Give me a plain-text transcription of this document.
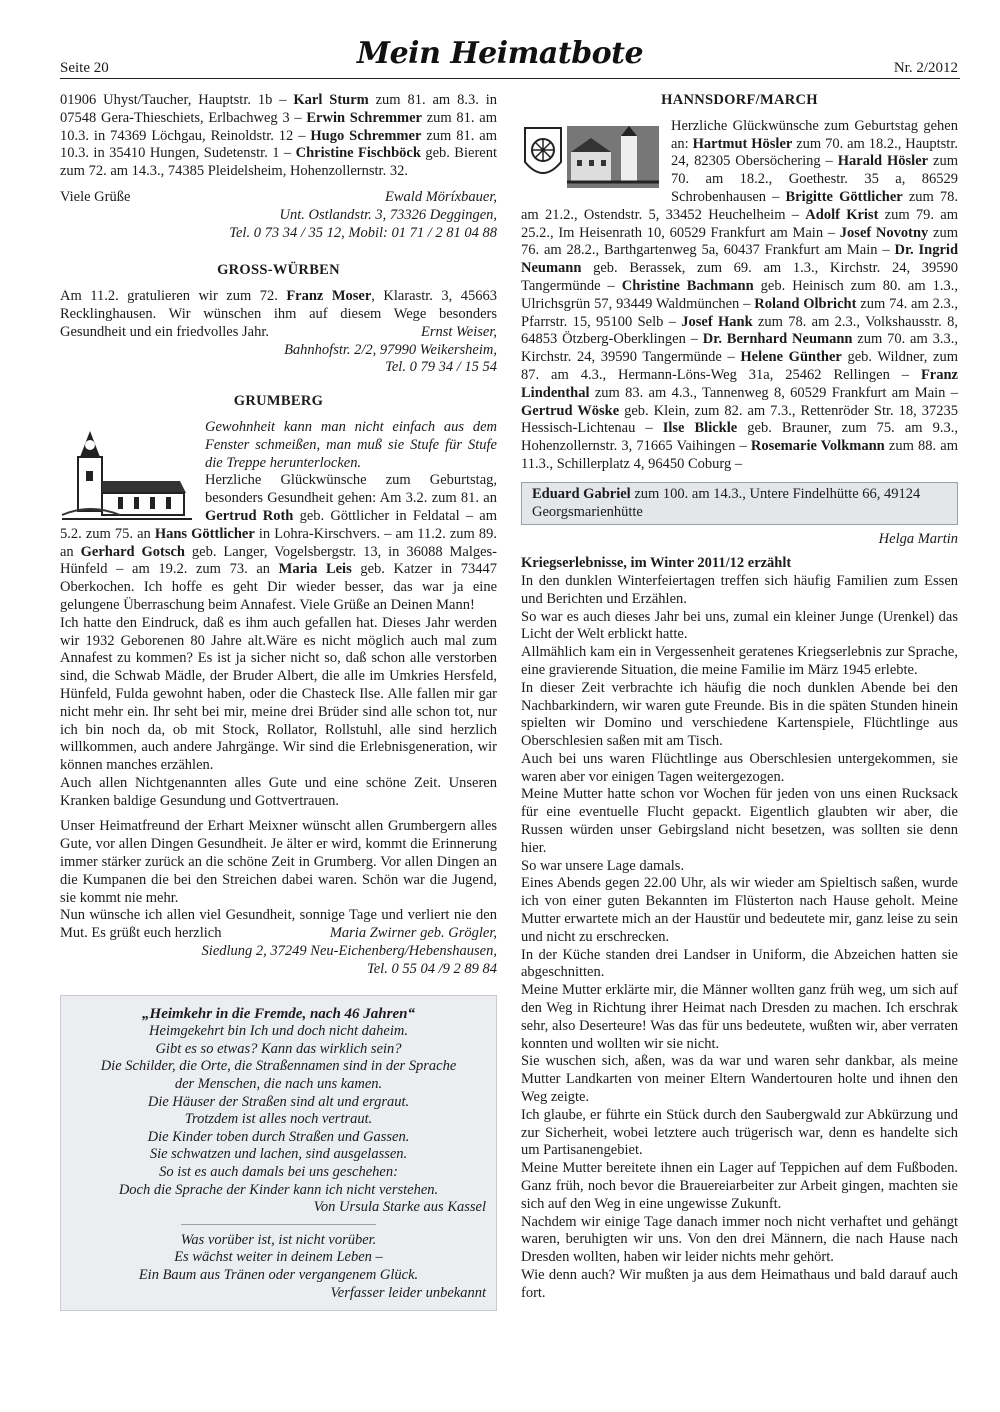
Seite 20	Mein Heimatbote	Nr. 2/2012

01906 Uhyst/Taucher, Hauptstr. 1b – Karl Sturm zum 81. am 8.3. in 07548 Gera-Thieschiets, Erlbachweg 3 – Erwin Schremmer zum 81. am 10.3. in 74369 Löchgau, Reinoldstr. 12 – Hugo Schremmer zum 81. am 10.3. in 35410 Hungen, Sudetenstr. 1 – Christine Fischböck geb. Bierent zum 72. am 14.3., 74385 Pleidelsheim, Hohenzollernstr. 32.

Viele Grüße	Ewald Möríxbauer,
Unt. Ostlandstr. 3, 73326 Deggingen,
Tel. 0 73 34 / 35 12, Mobil: 01 71 / 2 81 04 88
GROSS-WÜRBEN

Am 11.2. gratulieren wir zum 72. Franz Moser, Klarastr. 3, 45663 Recklinghausen. Wir wünschen ihm auf diesem Wege besonders Gesundheit und ein friedvolles Jahr.	Ernst Weiser,
Bahnhofstr. 2/2, 97990 Weikersheim,
Tel. 0 79 34 / 15 54
GRUMBERG

Gewohnheit kann man nicht einfach aus dem Fenster schmeißen, man muß sie Stufe für Stufe die Treppe herunterlocken.

Herzliche Glückwünsche zum Geburtstag, besonders Gesundheit gehen: Am 3.2. zum 81. an Gertrud Roth geb. Göttlicher in Feldatal – am 5.2. zum 75. an Hans Göttlicher in Lohra-Kirschvers. – am 11.2. zum 89. an Gerhard Gotsch geb. Langer, Vogelsbergstr. 13, in 36088 Malges-Hünfeld – am 19.2. zum 73. an Maria Leis geb. Katzer in 73447 Oberkochen. Ich hoffe es geht Dir wieder besser, das war ja eine gelungene Überraschung beim Annafest. Viele Grüße an Deinen Mann!

Ich hatte den Eindruck, daß es ihm auch gefallen hat. Dieses Jahr werden wir 1932 Geborenen 80 Jahre alt.Wäre es nicht möglich auch mal zum Annafest zu kommen? Es ist ja sicher nicht so, daß schon alle verstorben sind, die Schwab Mädle, der Bruder Albert, die alle im Umkries Hersfeld, Hünfeld, Fulda gewohnt haben, oder die Chasteck Ilse. Alle fallen mir gar nicht mehr ein. Ihr seht bei mir, meine drei Brüder sind alle schon tot, nur ich bin noch da, ob mit Stock, Rollator, Rollstuhl, alle sind herzlich willkommen, auch andere Jahrgänge. Wir sind die Erlebnisgeneration, wir können manches erzählen.

Auch allen Nichtgenannten alles Gute und eine schöne Zeit. Unseren Kranken baldige Gesundung und Gottvertrauen.

Unser Heimatfreund der Erhart Meixner wünscht allen Grumbergern alles Gute, vor allen Dingen Gesundheit. Je älter er wird, kommt die Erinnerung immer stärker zurück an die schöne Zeit in Grumberg. Vor allen Dingen an die Kumpanen die bei den Streichen dabei waren. Schön war die Jugend, sie kommt nie mehr.

Nun wünsche ich allen viel Gesundheit, sonnige Tage und verliert nie den Mut. Es grüßt euch herzlich	Maria Zwirner geb. Grögler,

Siedlung 2, 37249 Neu-Eichenberg/Hebenshausen,
Tel. 0 55 04 /9 2 89 84
„Heimkehr in die Fremde, nach 46 Jahren“
Heimgekehrt bin Ich und doch nicht daheim.
Gibt es so etwas? Kann das wirklich sein?
Die Schilder, die Orte, die Straßennamen sind in der Sprache
der Menschen, die nach uns kamen.
Die Häuser der Straßen sind alt und ergraut.
Trotzdem ist alles noch vertraut.
Die Kinder toben durch Straßen und Gassen.
Sie schwatzen und lachen, sind ausgelassen.
So ist es auch damals bei uns geschehen:
Doch die Sprache der Kinder kann ich nicht verstehen.
Von Ursula Starke aus Kassel
Was vorüber ist, ist nicht vorüber.
Es wächst weiter in deinem Leben –
Ein Baum aus Tränen oder vergangenem Glück.
Verfasser leider unbekannt
HANNSDORF/MARCH

Herzliche Glückwünsche zum Geburtstag gehen an: Hartmut Hösler zum 70. am 18.2., Hauptstr. 24, 82305 Obersöchering – Harald Hösler zum 70. am 18.2., Goethestr. 35 a, 86529 Schrobenhausen – Brigitte Göttlicher zum 78. am 21.2., Ostendstr. 5, 33452 Heuchelheim – Adolf Krist zum 79. am 25.2., Im Heisenrath 10, 60529 Frankfurt am Main – Josef Novotny zum 76. am 28.2., Barthgartenweg 5a, 60437 Frankfurt am Main – Dr. Ingrid Neumann geb. Berassek, zum 69. am 1.3., Kirchstr. 24, 39590 Tangermünde – Christine Bachmann geb. Heinisch zum 80. am 1.3., Ulrichsgrün 57, 93449 Waldmünchen – Roland Olbricht zum 74. am 2.3., Pfarrstr. 15, 95100 Selb – Josef Hank zum 78. am 2.3., Volkshausstr. 8, 64853 Ötzberg-Oberklingen – Dr. Bernhard Neumann zum 70. am 3.3., Kirchstr. 24, 39590 Tangermünde – Helene Günther geb. Wildner, zum 87. am 4.3., Hermann-Löns-Weg 31a, 25462 Rellingen – Franz Lindenthal zum 83. am 4.3., Tannenweg 8, 60529 Frankfurt am Main – Gertrud Wöske geb. Klein, zum 82. am 7.3., Rettenröder Str. 18, 37235 Hessisch-Lichtenau – Ilse Blickle geb. Brauner, zum 75. am 9.3., Hohenzollernstr. 3, 71665 Vaihingen – Rosemarie Volkmann zum 88. am 11.3., Schillerplatz 4, 96450 Coburg –

Eduard Gabriel zum 100. am 14.3., Untere Findelhütte 66, 49124 Georgsmarienhütte
Helga Martin
Kriegserlebnisse, im Winter 2011/12 erzählt

In den dunklen Winterfeiertagen treffen sich häufig Familien zum Essen und Berichten und Erzählen.

So war es auch dieses Jahr bei uns, zumal ein kleiner Junge (Urenkel) das Licht der Welt erblickt hatte.

Allmählich kam ein in Vergessenheit geratenes Kriegserlebnis zur Sprache, eine gravierende Situation, die meine Familie im März 1945 erlebte.

In dieser Zeit verbrachte ich häufig die noch dunklen Abende bei den Nachbarkindern, wir waren gute Freunde. Bis in die späten Stunden hinein spielten wir Domino und verschiedene Kartenspiele, Flüchtlinge aus Oberschlesien saßen mit am Tisch.

Auch bei uns waren Flüchtlinge aus Oberschlesien untergekommen, sie waren aber vor einigen Tagen weitergezogen.

Meine Mutter hatte schon vor Wochen für jeden von uns einen Rucksack für eine eventuelle Flucht gepackt. Eigentlich glaubten wir aber, die Russen würden unser Gebirgsland nicht besetzen, was sollten sie denn hier.

So war unsere Lage damals.

Eines Abends gegen 22.00 Uhr, als wir wieder am Spieltisch saßen, wurde ich von einer guten Bekannten im Flüsterton nach Hause geholt. Meine Mutter erwartete mich an der Haustür und bedeutete mir, ganz leise zu sein und nicht zu erschrecken.

In der Küche standen drei Landser in Uniform, die Abzeichen hatten sie abgeschnitten.

Meine Mutter erklärte mir, die Männer wollten ganz früh weg, um sich auf den Weg in Richtung ihrer Heimat nach Dresden zu machen. Ich erschrak sehr, also Deserteure! Was das für uns bedeutete, wußten wir, aber verraten konnten und wollten wir sie nicht.

Sie wuschen sich, aßen, was da war und waren sehr dankbar, als meine Mutter Landkarten von meiner Eltern Wandertouren holte und ihnen den Weg zeigte.

Ich glaube, er führte ein Stück durch den Saubergwald zur Abkürzung und zur Sicherheit, wobei letztere auch trügerisch war, denn es handelte sich um Partisanengebiet.

Meine Mutter bereitete ihnen ein Lager auf Teppichen auf dem Fußboden. Ganz früh, noch bevor die Brauereiarbeiter zur Arbeit gingen, machten sie sich auf den Weg in eine ungewisse Zukunft.

Nachdem wir einige Tage danach immer noch nicht verhaftet und gehängt waren, beruhigten wir uns. Von den drei Männern, die nach Hause nach Dresden wollten, haben wir leider nichts mehr gehört.

Wie denn auch? Wir mußten ja aus dem Heimathaus und bald darauf auch fort.
